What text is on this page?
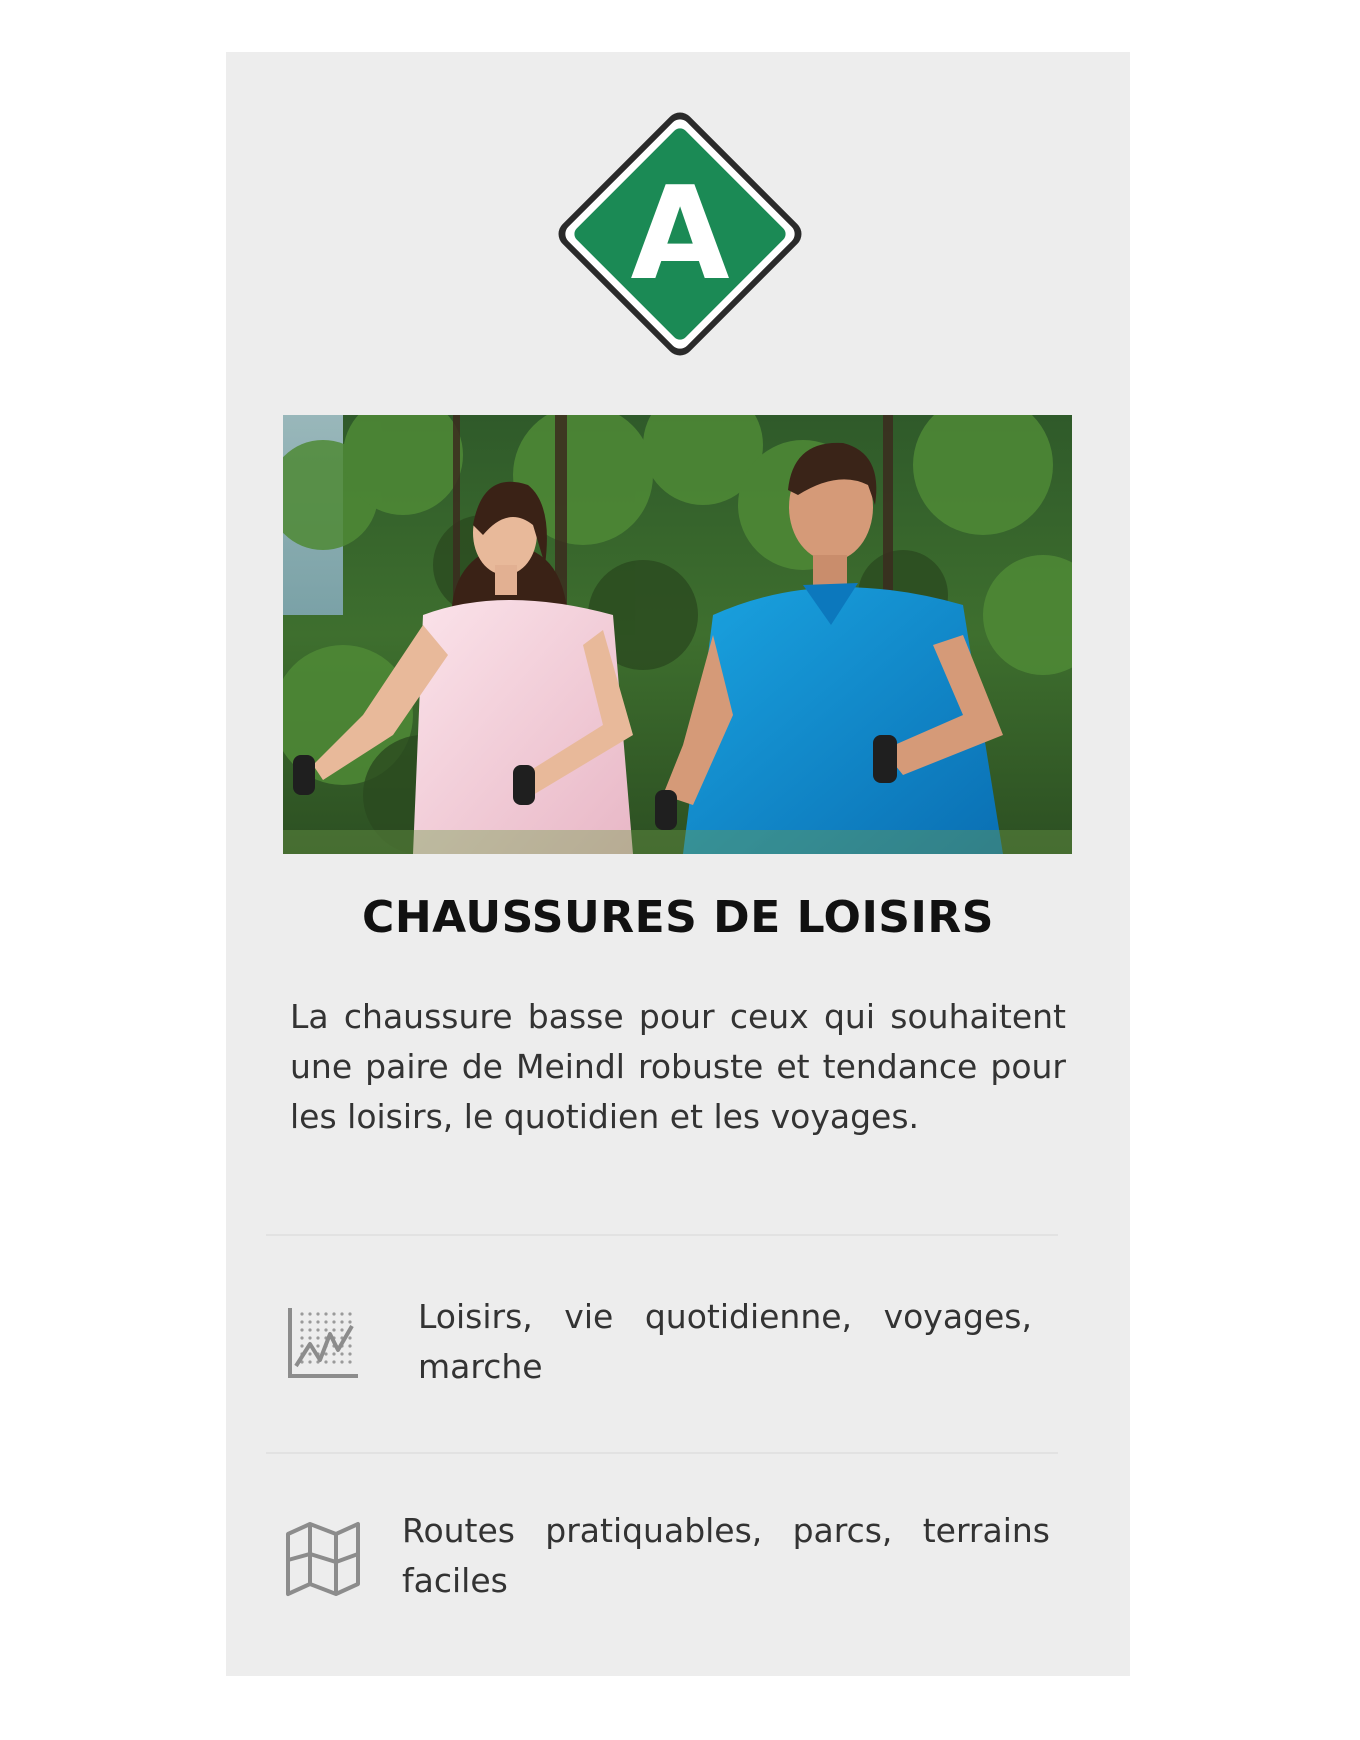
A
CHAUSSURES DE LOISIRS

La chaussure basse pour ceux qui souhaitent une paire de Meindl robuste et tendance pour les loisirs, le quotidien et les voyages.

Loisirs, vie quotidienne, voyages, marche
Routes pratiquables, parcs, terrains faciles
